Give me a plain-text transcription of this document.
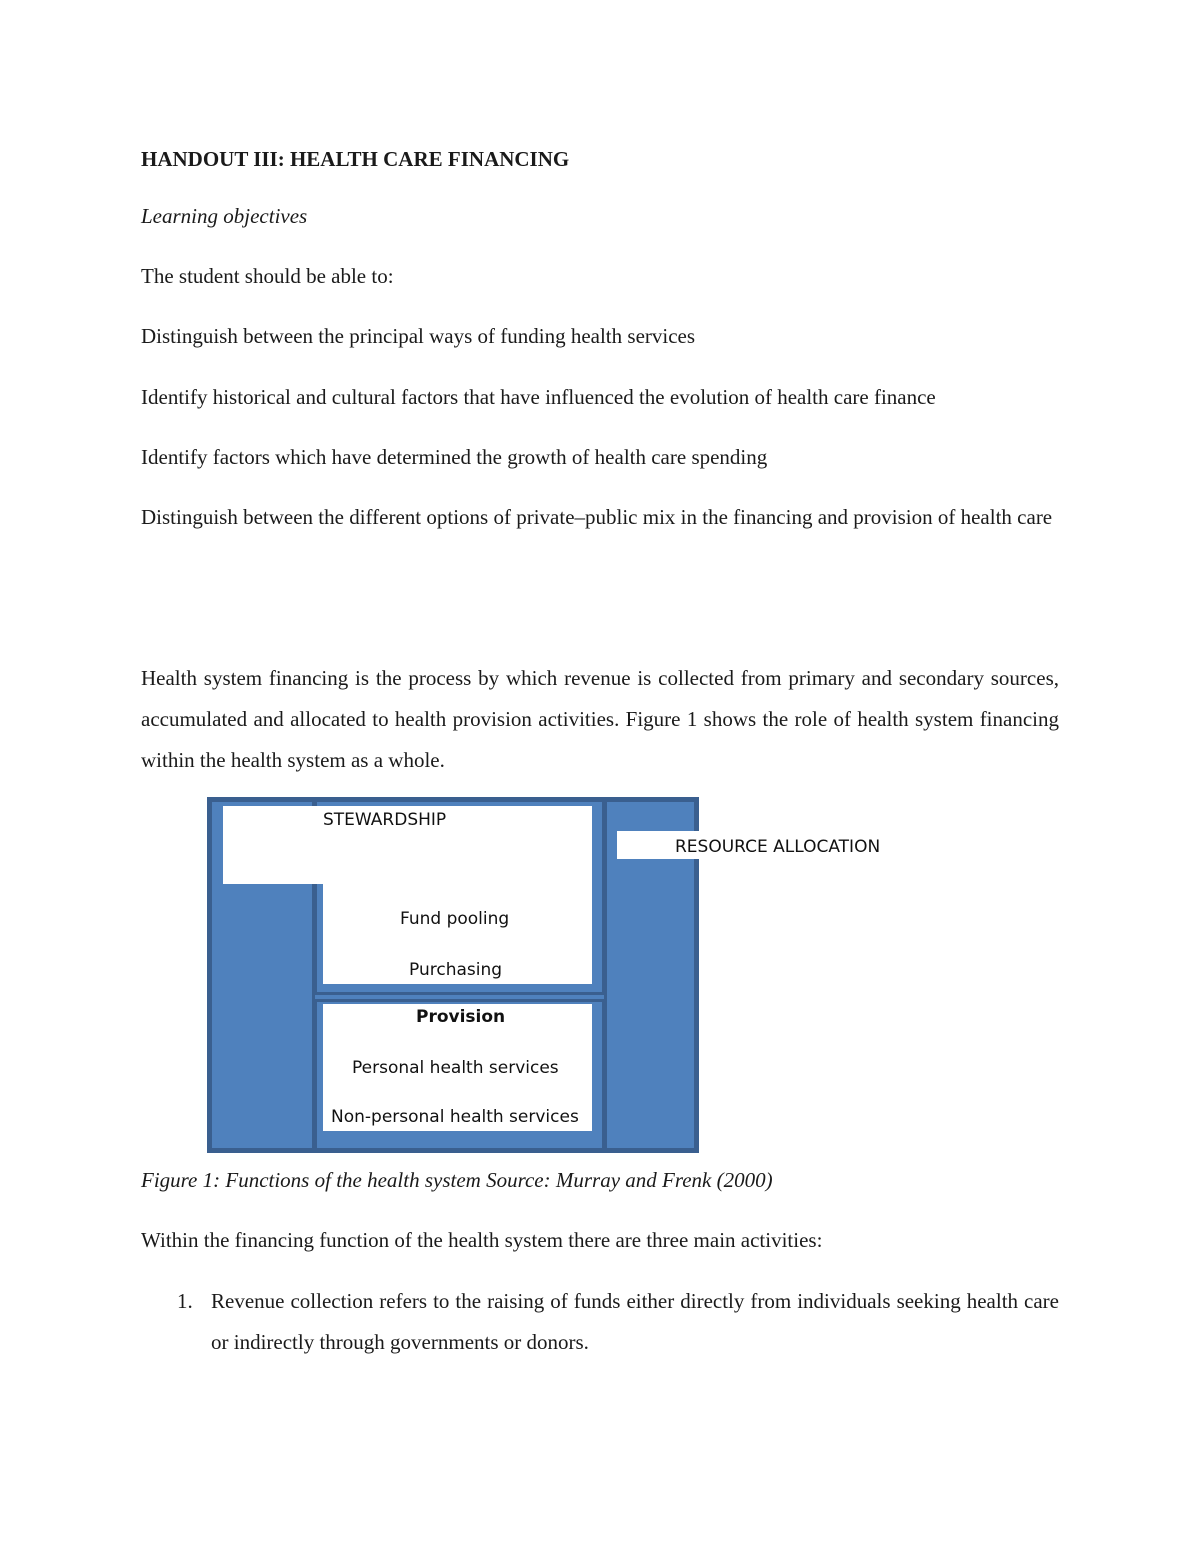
HANDOUT III: HEALTH CARE FINANCING

Learning objectives

The student should be able to:

Distinguish between the principal ways of funding health services

Identify historical and cultural factors that have influenced the evolution of health care finance

Identify factors which have determined the growth of health care spending

Distinguish between the different options of private–public mix in the financing and provision of health care

Health system financing is the process by which revenue is collected from primary and secondary sources, accumulated and allocated to health provision activities. Figure 1 shows the role of health system financing within the health system as a whole.

STEWARDSHIP
Fund pooling
Purchasing
Provision
Personal health services
Non-personal health services
RESOURCE ALLOCATION

Figure 1: Functions of the health system Source: Murray and Frenk (2000)

Within the financing function of the health system there are three main activities:

1. Revenue collection refers to the raising of funds either directly from individuals seeking health care or indirectly through governments or donors.
